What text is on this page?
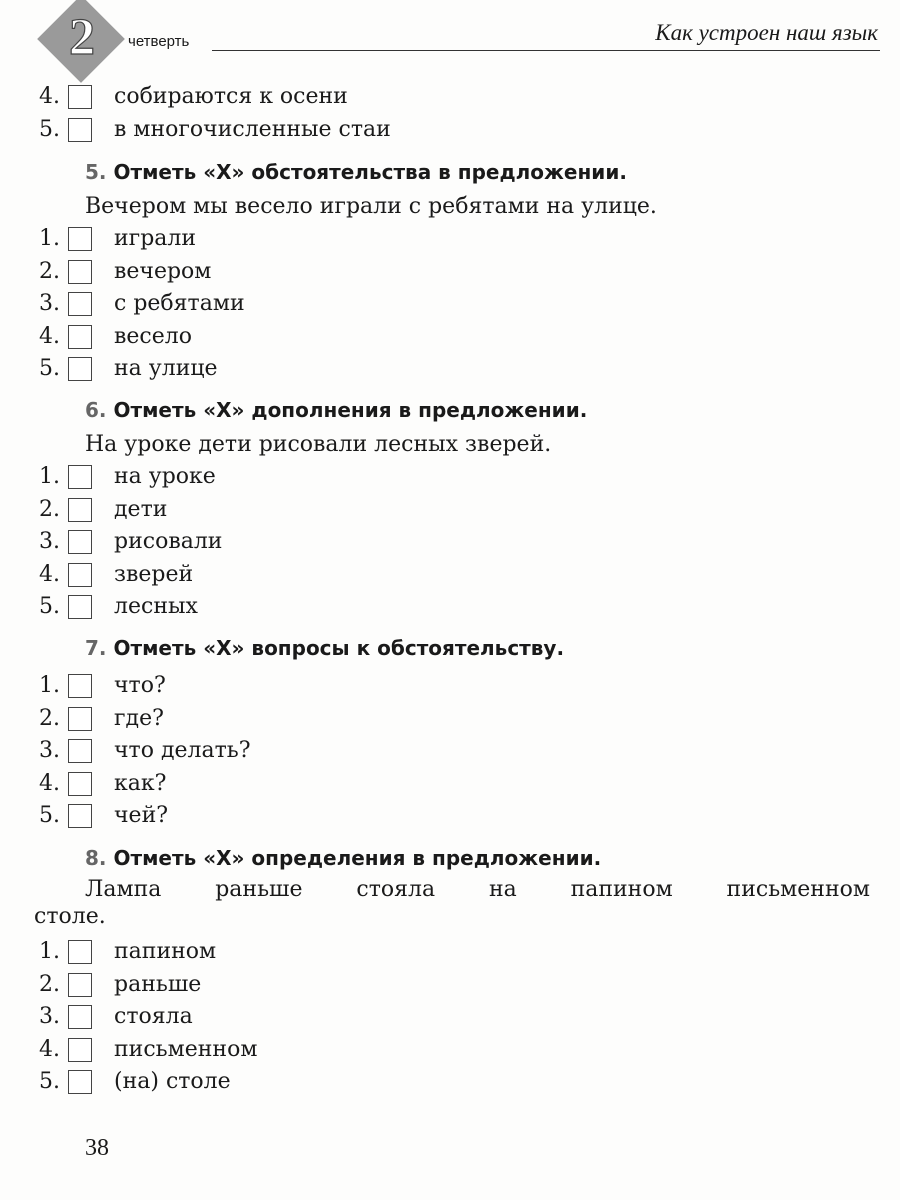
2	четверть	Как устроен наш язык
4. собираются к осени
5. в многочисленные стаи
5. Отметь «Х» обстоятельства в предложении.
Вечером мы весело играли с ребятами на улице.
1. играли
2. вечером
3. с ребятами
4. весело
5. на улице
6. Отметь «Х» дополнения в предложении.
На уроке дети рисовали лесных зверей.
1. на уроке
2. дети
3. рисовали
4. зверей
5. лесных
7. Отметь «Х» вопросы к обстоятельству.
1. что?
2. где?
3. что делать?
4. как?
5. чей?
8. Отметь «Х» определения в предложении.
Лампа раньше стояла на папином письменном
столе.
1. папином
2. раньше
3. стояла
4. письменном
5. (на) столе
38
